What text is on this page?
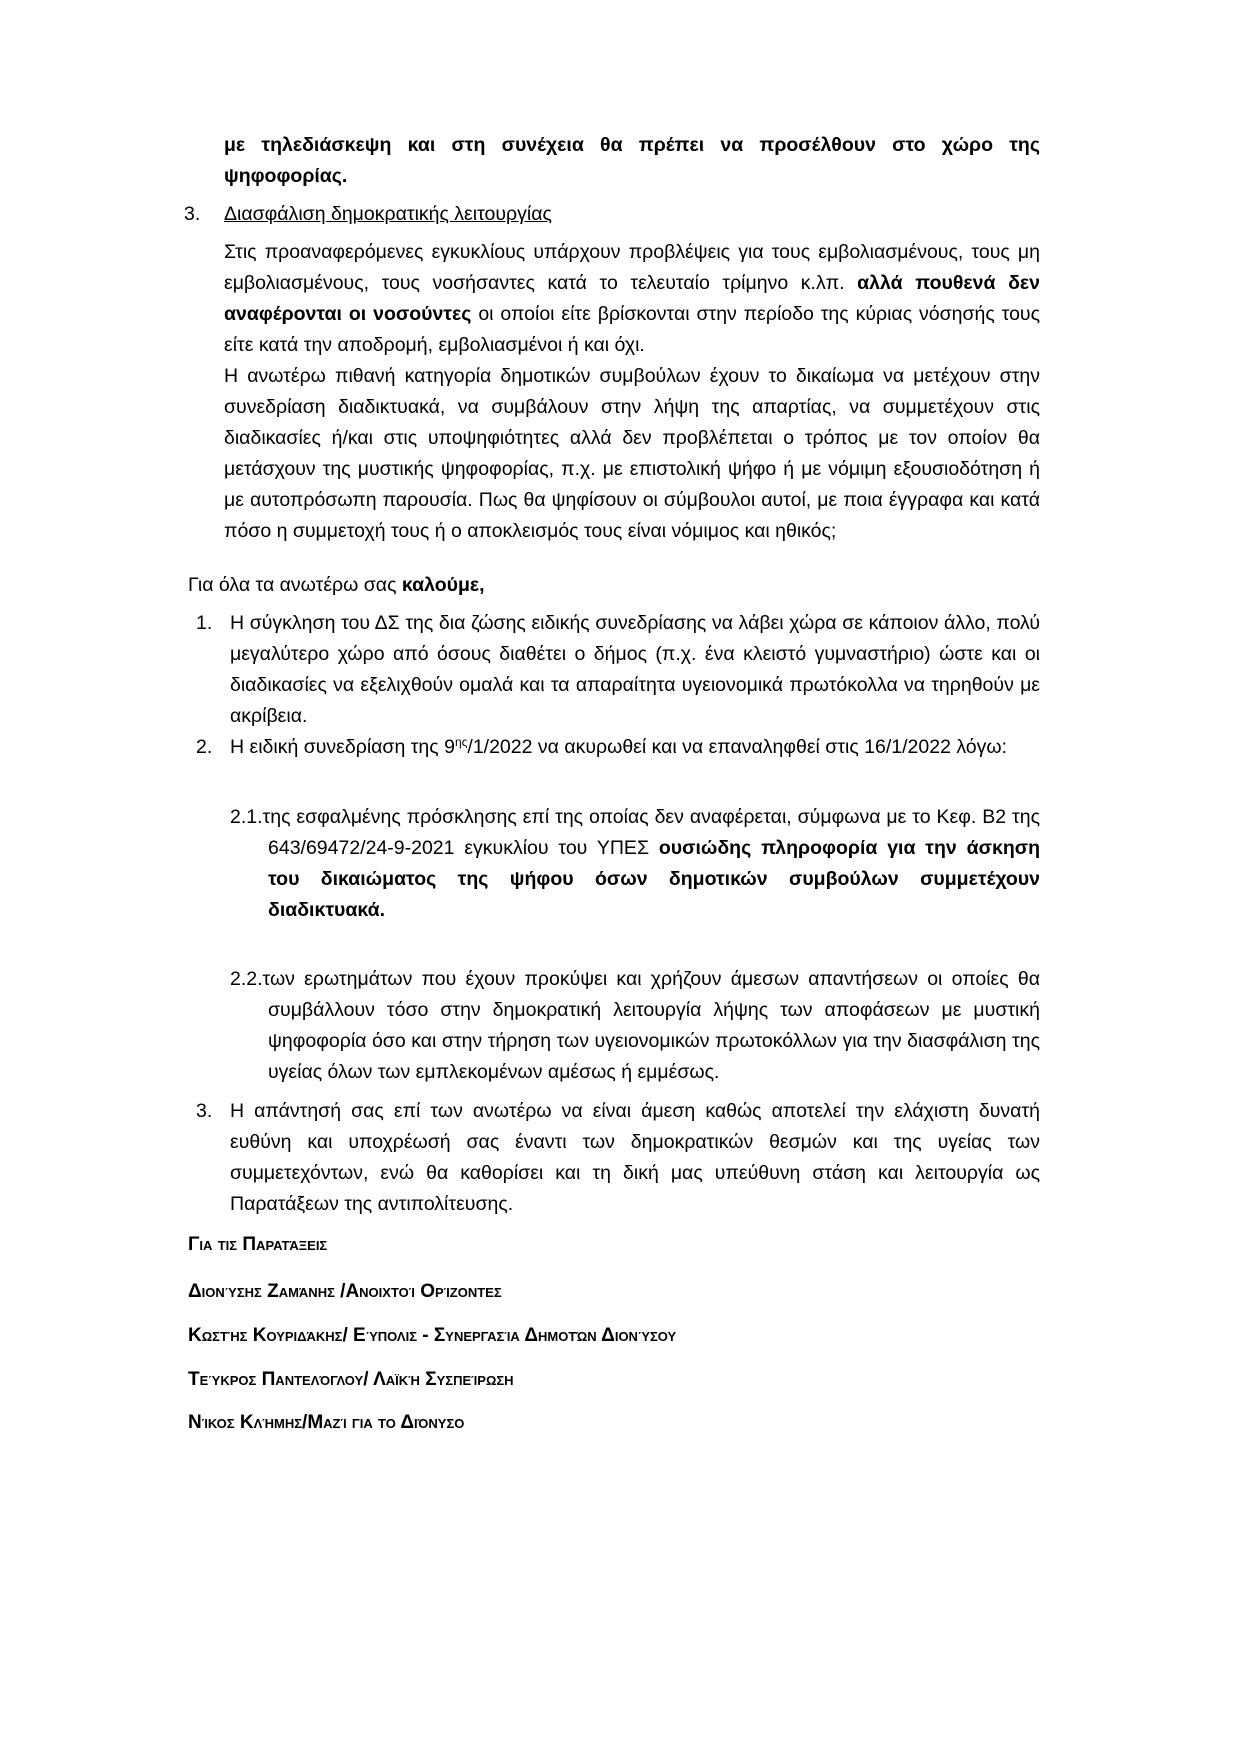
με τηλεδιάσκεψη και στη συνέχεια θα πρέπει να προσέλθουν στο χώρο της ψηφοφορίας.

3. Διασφάλιση δημοκρατικής λειτουργίας

Στις προαναφερόμενες εγκυκλίους υπάρχουν προβλέψεις για τους εμβολιασμένους, τους μη εμβολιασμένους, τους νοσήσαντες κατά το τελευταίο τρίμηνο κ.λπ. αλλά πουθενά δεν αναφέρονται οι νοσούντες οι οποίοι είτε βρίσκονται στην περίοδο της κύριας νόσησής τους είτε κατά την αποδρομή, εμβολιασμένοι ή και όχι.

Η ανωτέρω πιθανή κατηγορία δημοτικών συμβούλων έχουν το δικαίωμα να μετέχουν στην συνεδρίαση διαδικτυακά, να συμβάλουν στην λήψη της απαρτίας, να συμμετέχουν στις διαδικασίες ή/και στις υποψηφιότητες αλλά δεν προβλέπεται ο τρόπος με τον οποίον θα μετάσχουν της μυστικής ψηφοφορίας, π.χ. με επιστολική ψήφο ή με νόμιμη εξουσιοδότηση ή με αυτοπρόσωπη παρουσία. Πως θα ψηφίσουν οι σύμβουλοι αυτοί, με ποια έγγραφα και κατά πόσο η συμμετοχή τους ή ο αποκλεισμός τους είναι νόμιμος και ηθικός;

Για όλα τα ανωτέρω σας καλούμε,
1. Η σύγκληση του ΔΣ της δια ζώσης ειδικής συνεδρίασης να λάβει χώρα σε κάποιον άλλο, πολύ μεγαλύτερο χώρο από όσους διαθέτει ο δήμος (π.χ. ένα κλειστό γυμναστήριο) ώστε και οι διαδικασίες να εξελιχθούν ομαλά και τα απαραίτητα υγειονομικά πρωτόκολλα να τηρηθούν με ακρίβεια.

2. Η ειδική συνεδρίαση της $9^{\eta\varsigma}/1/2022$ να ακυρωθεί και να επαναληφθεί στις 16/1/2022 λόγω:

2.1.της εσφαλμένης πρόσκλησης επί της οποίας δεν αναφέρεται, σύμφωνα με το Κεφ. Β2 της 643/69472/24-9-2021 εγκυκλίου του ΥΠΕΣ ουσιώδης πληροφορία για την άσκηση του δικαιώματος της ψήφου όσων δημοτικών συμβούλων συμμετέχουν διαδικτυακά.

2.2.των ερωτημάτων που έχουν προκύψει και χρήζουν άμεσων απαντήσεων οι οποίες θα συμβάλλουν τόσο στην δημοκρατική λειτουργία λήψης των αποφάσεων με μυστική ψηφοφορία όσο και στην τήρηση των υγειονομικών πρωτοκόλλων για την διασφάλιση της υγείας όλων των εμπλεκομένων αμέσως ή εμμέσως.

3. Η απάντησή σας επί των ανωτέρω να είναι άμεση καθώς αποτελεί την ελάχιστη δυνατή ευθύνη και υποχρέωσή σας έναντι των δημοκρατικών θεσμών και της υγείας των συμμετεχόντων, ενώ θα καθορίσει και τη δική μας υπεύθυνη στάση και λειτουργία ως Παρατάξεων της αντιπολίτευσης.

Για τις Παρατάξεις
Διονύσης Ζαμάνης /Ανοιχτοί Ορίζοντες
Κωστής Κουριδάκης/ Εύπολις - Συνεργασία Δημοτών Διονύσου
Τεύκρος Παντελόγλου/ Λαϊκή Συσπείρωση
Νίκος Κλήμης/Μαζί για το Διόνυσο
